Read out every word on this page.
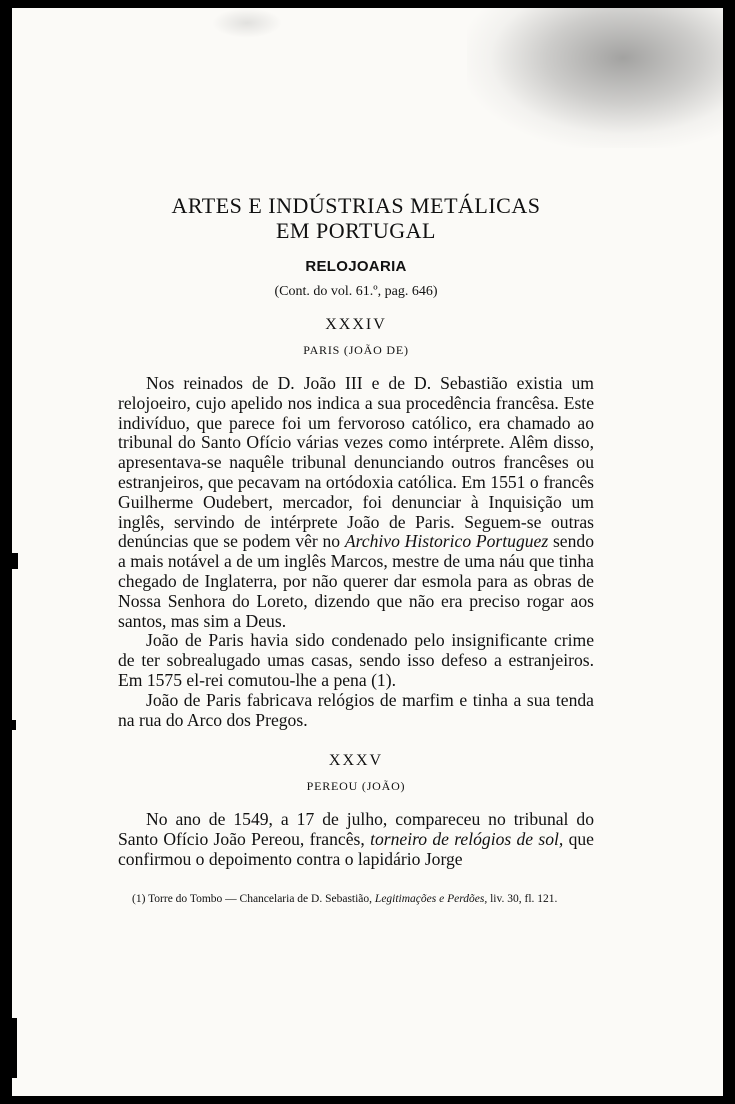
ARTES E INDÚSTRIAS METÁLICAS
EM PORTUGAL
RELOJOARIA
(Cont. do vol. 61.º, pag. 646)
XXXIV
PARIS (JOÃO DE)

Nos reinados de D. João III e de D. Sebastião existia um relojoeiro, cujo apelido nos indica a sua procedência francêsa. Este indivíduo, que parece foi um fervoroso católico, era chamado ao tribunal do Santo Ofício várias vezes como intérprete. Alêm disso, apresentava-se naquêle tribunal denunciando outros francêses ou estranjeiros, que pecavam na ortódoxia católica. Em 1551 o francês Guilherme Oudebert, mercador, foi denunciar à Inquisição um inglês, servindo de intérprete João de Paris. Seguem-se outras denúncias que se podem vêr no Archivo Historico Portuguez sendo a mais notável a de um inglês Marcos, mestre de uma náu que tinha chegado de Inglaterra, por não querer dar esmola para as obras de Nossa Senhora do Loreto, dizendo que não era preciso rogar aos santos, mas sim a Deus.

João de Paris havia sido condenado pelo insignificante crime de ter sobrealugado umas casas, sendo isso defeso a estranjeiros. Em 1575 el-rei comutou-lhe a pena (1).

João de Paris fabricava relógios de marfim e tinha a sua tenda na rua do Arco dos Pregos.

XXXV
PEREOU (JOÃO)

No ano de 1549, a 17 de julho, compareceu no tribunal do Santo Ofício João Pereou, francês, torneiro de relógios de sol, que confirmou o depoimento contra o lapidário Jorge

(1) Torre do Tombo — Chancelaria de D. Sebastião, Legitimações e Perdões, liv. 30, fl. 121.
